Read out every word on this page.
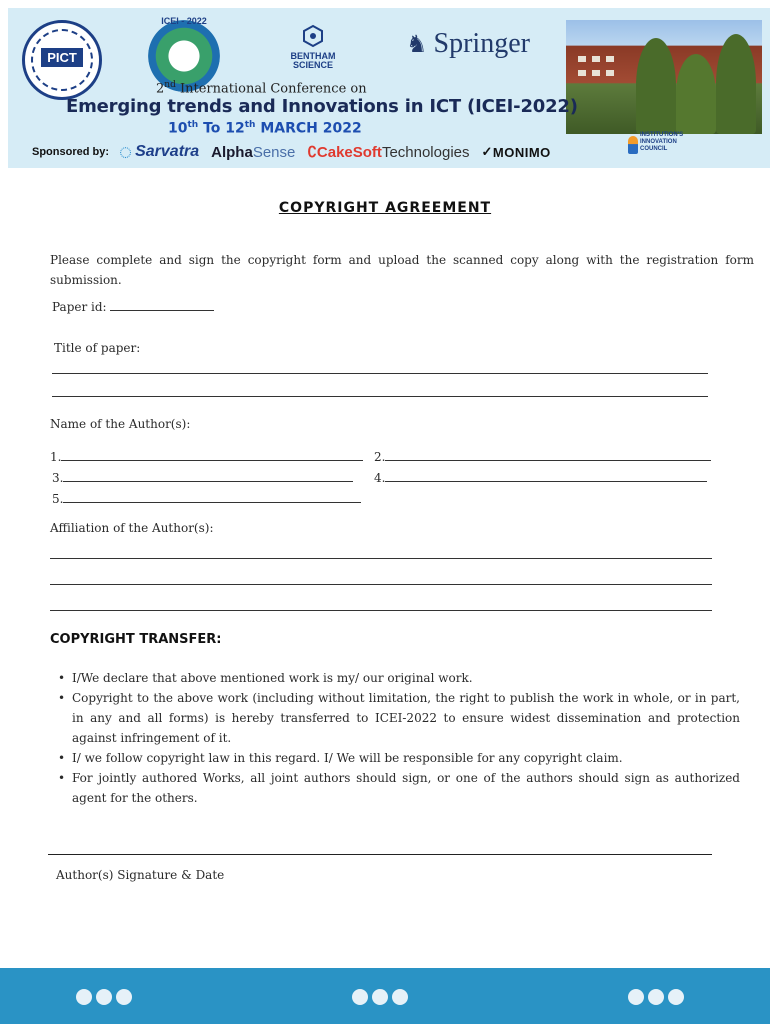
PICT
ICEI - 2022
BENTHAM
SCIENCE
♞ Springer
2nd International Conference on
Emerging trends and Innovations in ICT (ICEI-2022)
10th To 12th MARCH 2022
Sponsored by: ◌ Sarvatra Alpha Sense ∁ CakeSoft Technologies ✓ MONIMO
INSTITUTION'S
INNOVATION
COUNCIL
COPYRIGHT AGREEMENT
Please complete and sign the copyright form and upload the scanned copy along with the registration form submission.
Paper id:
Title of paper:
Name of the Author(s):
1.	2.
3.	4.
5.
Affiliation of the Author(s):
COPYRIGHT TRANSFER:
• I/We declare that above mentioned work is my/ our original work.
• Copyright to the above work (including without limitation, the right to publish the work in whole, or in part, in any and all forms) is hereby transferred to ICEI-2022 to ensure widest dissemination and protection against infringement of it.
• I/ we follow copyright law in this regard. I/ We will be responsible for any copyright claim.
• For jointly authored Works, all joint authors should sign, or one of the authors should sign as authorized agent for the others.
Author(s) Signature & Date
